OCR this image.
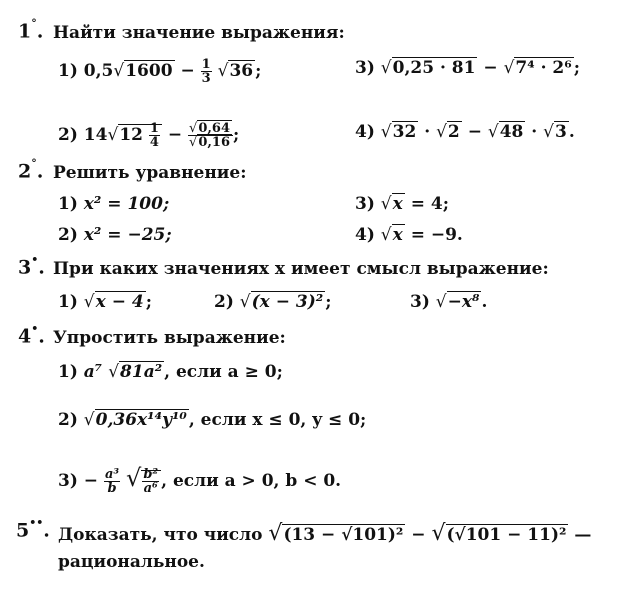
1°. Найти значение выражения:
1) $0,5√1600 - \frac{1}{3} √36$ ;	3) √0,25 · 81 − √7⁴ · 2⁶ ;
2) $14√12 \frac{1}{4} - \frac{√0,64}{√0,16}$ ;	4) √32 · √2 − √48 · √3 .
2°. Решить уравнение:
1) x² = 100;	3) √x = 4;
2) x² = −25;	4) √x = −9.
3•. При каких значениях x имеет смысл выражение:
1) √x − 4 ;	2) √(x − 3)² ;	3) √−x⁸ .
4•. Упростить выражение:
1) a⁷ √81a² , если a ≥ 0;
2) √0,36x¹⁴y¹⁰ , если x ≤ 0, y ≤ 0;
$3) - \frac{\text{a³}}{b}$ √ $\frac{\text{b²}}{\text{a⁶}}$ , если a > 0, b < 0.
5••. Доказать, что число √(13 − √101)² − √(√101 − 11)² —
рациональное.
